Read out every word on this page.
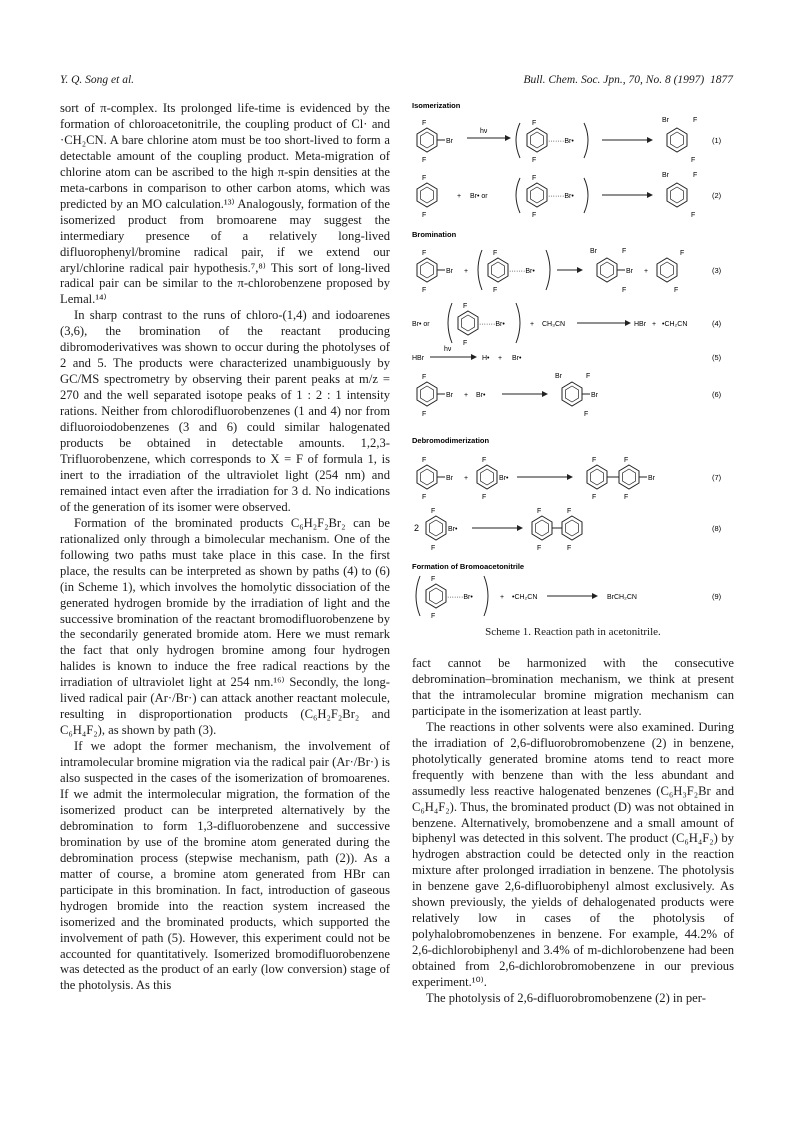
Y. Q. Song et al.	Bull. Chem. Soc. Jpn., 70, No. 8 (1997) 1877

sort of π-complex. Its prolonged life-time is evidenced by the formation of chloroacetonitrile, the coupling product of Cl· and ·CH₂CN. A bare chlorine atom must be too short-lived to form a detectable amount of the coupling product. Meta-migration of chlorine atom can be ascribed to the high π-spin densities at the meta-carbons in comparison to other carbon atoms, which was predicted by an MO calculation.¹³⁾ Analogously, formation of the isomerized product from bromoarene may suggest the intermediary presence of a relatively long-lived difluorophenyl/bromine radical pair, if we extend our aryl/chlorine radical pair hypothesis.⁷,⁸⁾ This sort of long-lived radical pair can be similar to the π-chlorobenzene proposed by Lemal.¹⁴⁾

In sharp contrast to the runs of chloro-(1,4) and iodoarenes (3,6), the bromination of the reactant producing dibromoderivatives was shown to occur during the photolyses of 2 and 5. The products were characterized unambiguously by GC/MS spectrometry by observing their parent peaks at m/z = 270 and the well separated isotope peaks of 1 : 2 : 1 intensity rations. Neither from chlorodifluorobenzenes (1 and 4) nor from difluoroiodobenzenes (3 and 6) could similar halogenated products be obtained in detectable amounts. 1,2,3-Trifluorobenzene, which corresponds to X = F of formula 1, is inert to the irradiation of the ultraviolet light (254 nm) and remained intact even after the irradiation for 3 d. No indications of the generation of its isomer were observed.

Formation of the brominated products C₆H₂F₂Br₂ can be rationalized only through a bimolecular mechanism. One of the following two paths must take place in this case. In the first place, the results can be interpreted as shown by paths (4) to (6) (in Scheme 1), which involves the homolytic dissociation of the generated hydrogen bromide by the irradiation of light and the successive bromination of the reactant bromodifluorobenzene by the secondarily generated bromide atom. Here we must remark the fact that only hydrogen bromine among four hydrogen halides is known to induce the free radical reactions by the irradiation of ultraviolet light at 254 nm.¹⁶⁾ Secondly, the long-lived radical pair (Ar·/Br·) can attack another reactant molecule, resulting in disproportionation products (C₆H₂F₂Br₂ and C₆H₄F₂), as shown by path (3).

If we adopt the former mechanism, the involvement of intramolecular bromine migration via the radical pair (Ar·/Br·) is also suspected in the cases of the isomerization of bromoarenes. If we admit the intermolecular migration, the formation of the isomerized product can be interpreted alternatively by the debromination to form 1,3-difluorobenzene and successive bromination by use of the bromine atom generated during the debromination process (stepwise mechanism, path (2)). As a matter of course, a bromine atom generated from HBr can participate in this bromination. In fact, introduction of gaseous hydrogen bromide into the reaction system increased the isomerized and the brominated products, which supported the involvement of path (5). However, this experiment could not be accounted for quantitatively. Isomerized bromodifluorobenzene was detected as the product of an early (low conversion) stage of the photolysis. As this

Isomerization
Bromination
Debromodimerization
Formation of Bromoacetonitrile
F
F
Br
hν
F
F
·······Br•
Br	F
F
(1)
F
F
+ Br• or
F
F
·······Br•
Br	F
F
(2)
F
F
Br +
F
F
·······Br•
Br	F
F
Br +
F
F
(3)
Br• or
F
F
·······Br•	+ CH₃CN	HBr + •CH₂CN	(4)
HBr
hν
H• + Br•	(5)
F
F
Br + Br•
Br	F
F
Br	(6)
F
F
Br +
F
F
Br•
F
F
F
F
Br	(7)
2
F
F
Br•
F
F
F
F
(8)
F
F
·······Br•	+ •CH₂CN	BrCH₂CN	(9)
Scheme 1. Reaction path in acetonitrile.

fact cannot be harmonized with the consecutive debromination–bromination mechanism, we think at present that the intramolecular bromine migration mechanism can participate in the isomerization at least partly.

The reactions in other solvents were also examined. During the irradiation of 2,6-difluorobromobenzene (2) in benzene, photolytically generated bromine atoms tend to react more frequently with benzene than with the less abundant and assumedly less reactive halogenated benzenes (C₆H₃F₂Br and C₆H₄F₂). Thus, the brominated product (D) was not obtained in benzene. Alternatively, bromobenzene and a small amount of biphenyl was detected in this solvent. The product (C₆H₄F₂) by hydrogen abstraction could be detected only in the reaction mixture after prolonged irradiation in benzene. The photolysis in benzene gave 2,6-difluorobiphenyl almost exclusively. As shown previously, the yields of dehalogenated products were relatively low in cases of the photolysis of polyhalobromobenzenes in benzene. For example, 44.2% of 2,6-dichlorobiphenyl and 3.4% of m-dichlorobenzene had been obtained from 2,6-dichlorobromobenzene in our previous experiment.¹⁰⁾.

The photolysis of 2,6-difluorobromobenzene (2) in per-
